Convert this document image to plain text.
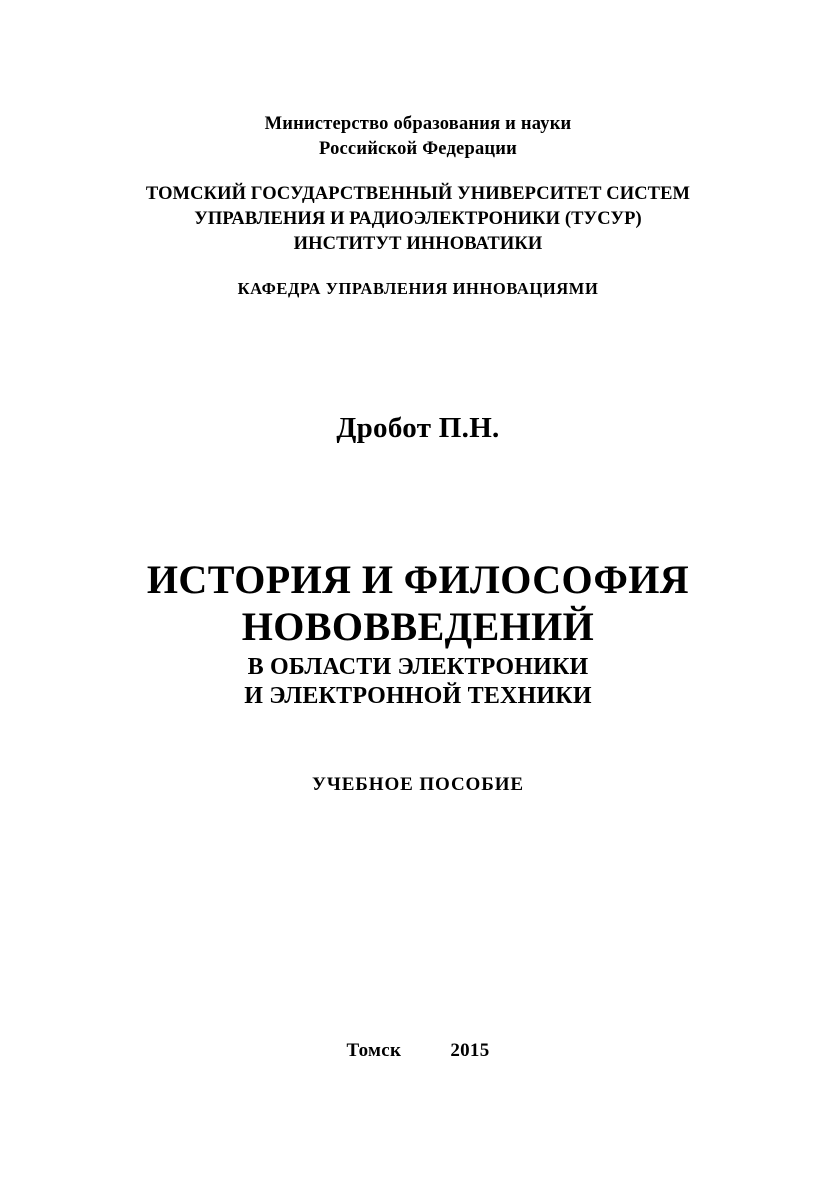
Министерство образования и науки
Российской Федерации
ТОМСКИЙ ГОСУДАРСТВЕННЫЙ УНИВЕРСИТЕТ СИСТЕМ
УПРАВЛЕНИЯ И РАДИОЭЛЕКТРОНИКИ (ТУСУР)
ИНСТИТУТ ИННОВАТИКИ
КАФЕДРА УПРАВЛЕНИЯ ИННОВАЦИЯМИ
Дробот П.Н.
ИСТОРИЯ И ФИЛОСОФИЯ
НОВОВВЕДЕНИЙ
В ОБЛАСТИ ЭЛЕКТРОНИКИ
И ЭЛЕКТРОННОЙ ТЕХНИКИ
УЧЕБНОЕ ПОСОБИЕ
Томск	2015
